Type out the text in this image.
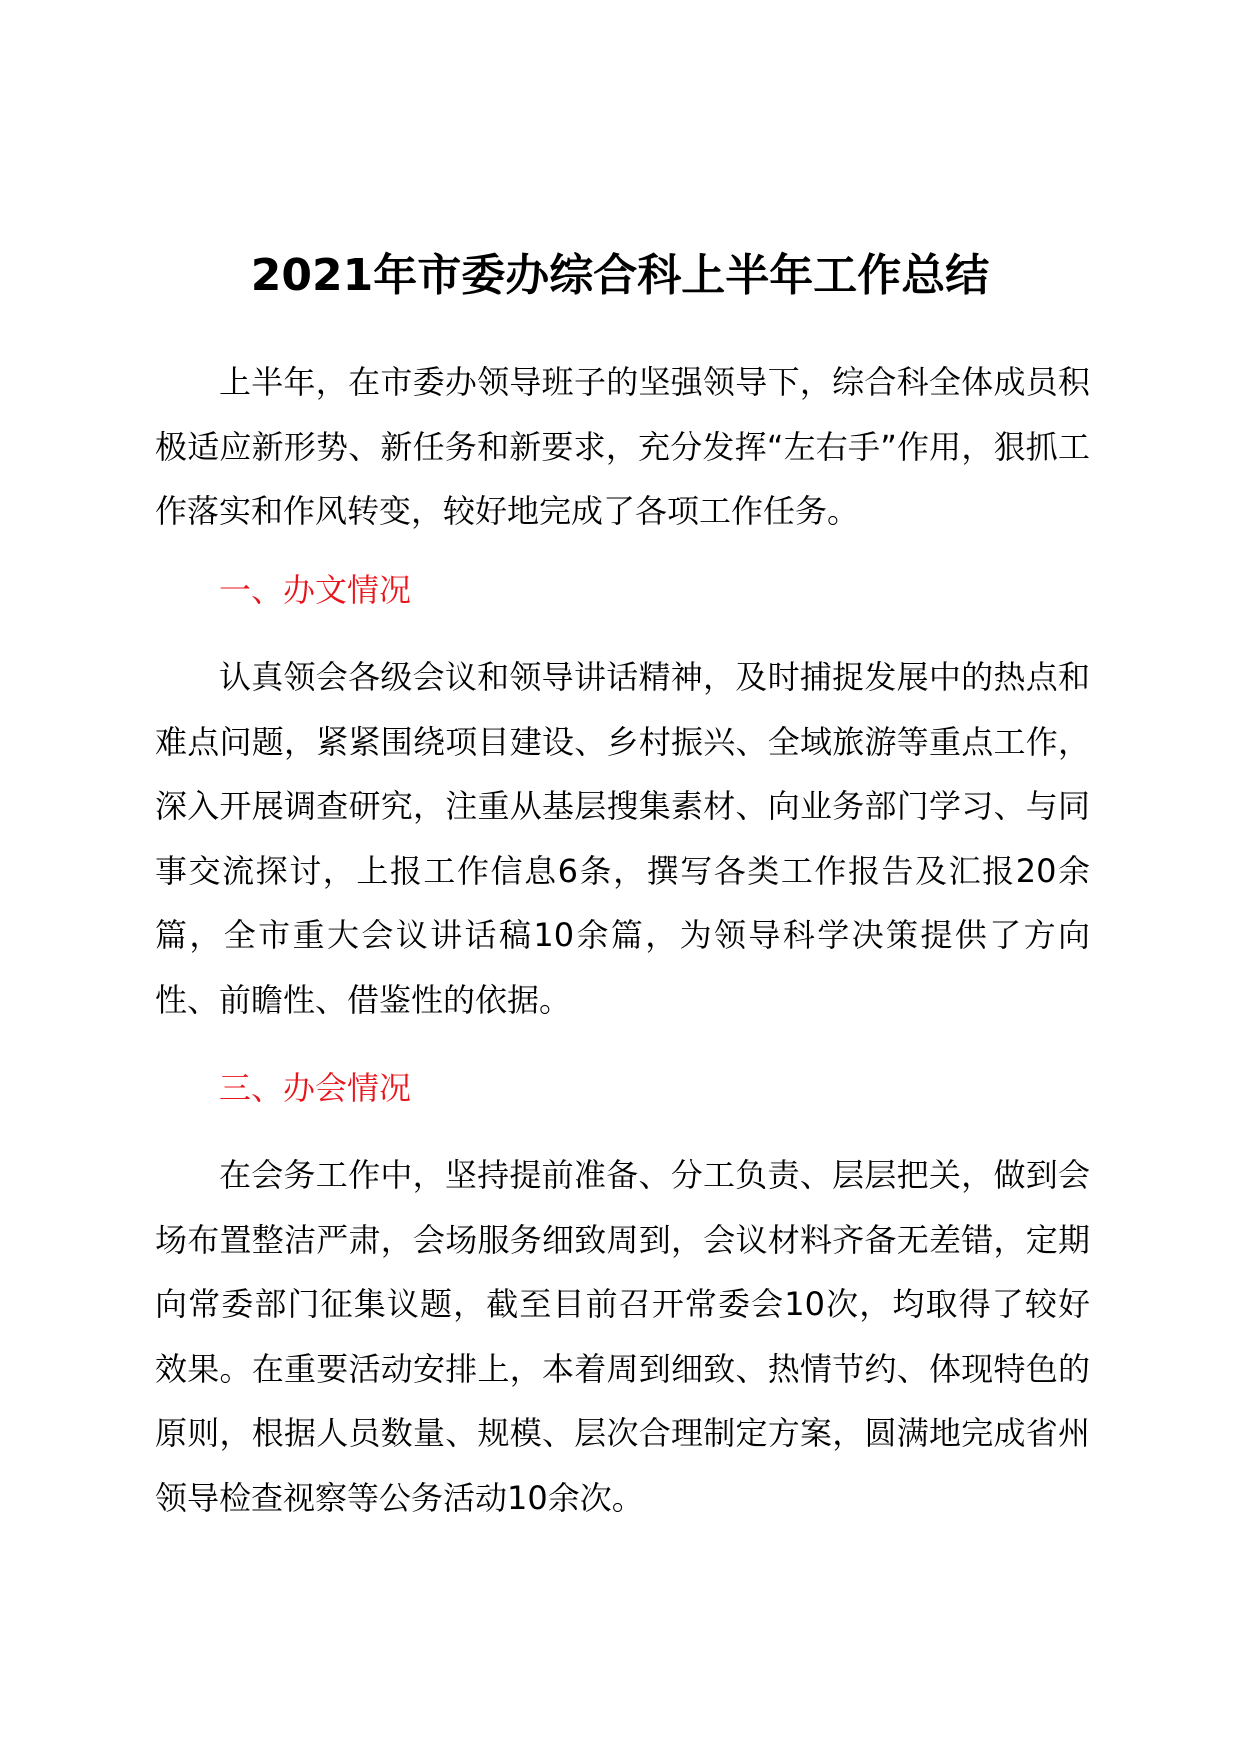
2021年市委办综合科上半年工作总结

上半年，在市委办领导班子的坚强领导下，综合科全体成员积极适应新形势、新任务和新要求，充分发挥“左右手”作用，狠抓工作落实和作风转变，较好地完成了各项工作任务。

一、办文情况

认真领会各级会议和领导讲话精神，及时捕捉发展中的热点和难点问题，紧紧围绕项目建设、乡村振兴、全域旅游等重点工作，深入开展调查研究，注重从基层搜集素材、向业务部门学习、与同事交流探讨，上报工作信息6条，撰写各类工作报告及汇报20余篇，全市重大会议讲话稿10余篇，为领导科学决策提供了方向性、前瞻性、借鉴性的依据。

三、办会情况

在会务工作中，坚持提前准备、分工负责、层层把关，做到会场布置整洁严肃，会场服务细致周到，会议材料齐备无差错，定期向常委部门征集议题，截至目前召开常委会10次，均取得了较好效果。在重要活动安排上，本着周到细致、热情节约、体现特色的原则，根据人员数量、规模、层次合理制定方案，圆满地完成省州领导检查视察等公务活动10余次。
